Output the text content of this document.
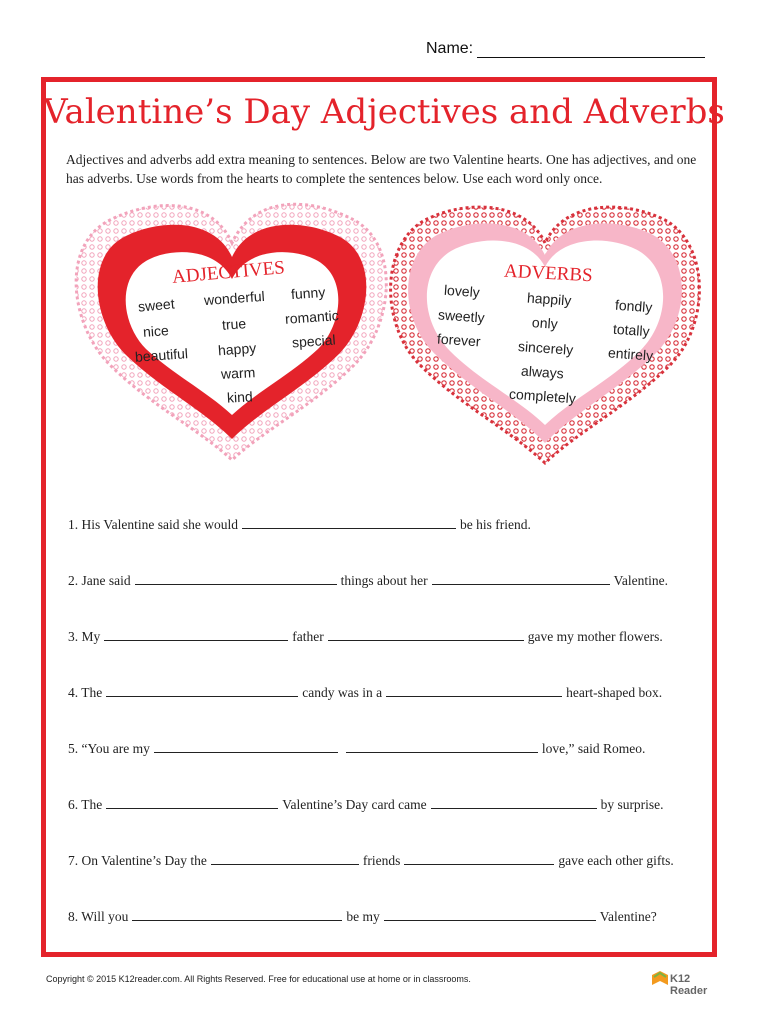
Name:
Valentine’s Day Adjectives and Adverbs
Adjectives and adverbs add extra meaning to sentences. Below are two Valentine hearts. One has adjectives, and one has adverbs. Use words from the hearts to complete the sentences below. Use each word only once.
ADJECTIVES
sweet wonderful funny
nice	true	romantic
beautiful happy special
warm
kind
ADVERBS
lovely	happily	fondly
sweetly	only	totally
forever	sincerely entirely
always
completely
1. His Valentine said she would	be his friend.
2. Jane said	things about her	Valentine.
3. My	father	gave my mother flowers.
4. The	candy was in a	heart-shaped box.
5. “You are my	love,” said Romeo.
6. The	Valentine’s Day card came	by surprise.
7. On Valentine’s Day the	friends	gave each other gifts.
8. Will you	be my	Valentine?
Copyright © 2015 K12reader.com. All Rights Reserved. Free for educational use at home or in classrooms.	K12 Reader
